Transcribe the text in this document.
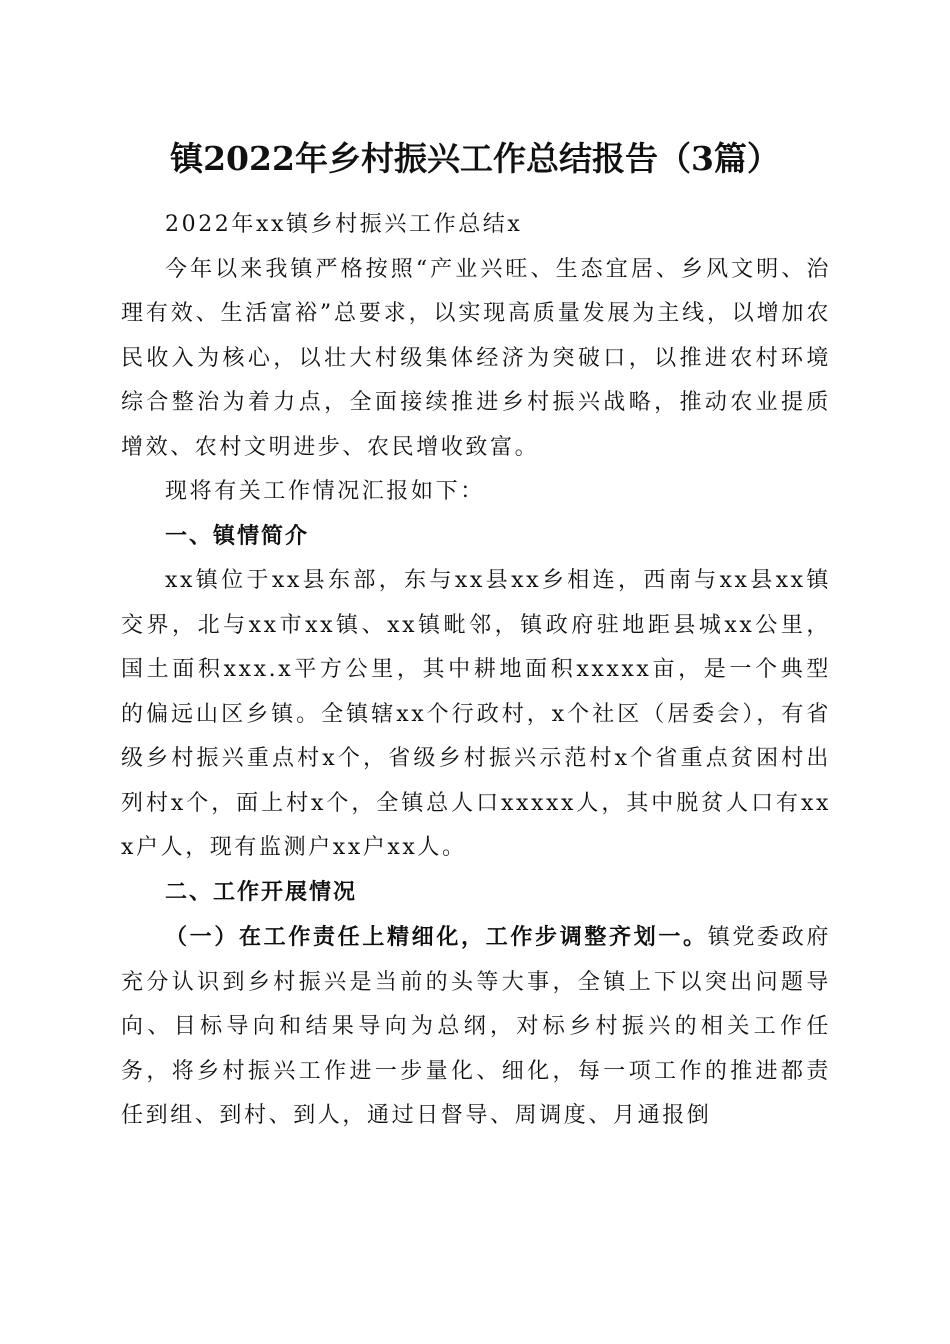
镇2022年乡村振兴工作总结报告（3篇）

2022年xx镇乡村振兴工作总结x

今年以来我镇严格按照“产业兴旺、生态宜居、乡风文明、治理有效、生活富裕”总要求，以实现高质量发展为主线，以增加农民收入为核心，以壮大村级集体经济为突破口，以推进农村环境综合整治为着力点，全面接续推进乡村振兴战略，推动农业提质增效、农村文明进步、农民增收致富。

现将有关工作情况汇报如下：

一、镇情简介

xx镇位于xx县东部，东与xx县xx乡相连，西南与xx县xx镇交界，北与xx市xx镇、xx镇毗邻，镇政府驻地距县城xx公里，国土面积xxx.x平方公里，其中耕地面积xxxxx亩，是一个典型的偏远山区乡镇。全镇辖xx个行政村，x个社区（居委会），有省级乡村振兴重点村x个，省级乡村振兴示范村x个省重点贫困村出列村x个，面上村x个，全镇总人口xxxxx人，其中脱贫人口有xxx户人，现有监测户xx户xx人。

二、工作开展情况

（一）在工作责任上精细化，工作步调整齐划一。镇党委政府充分认识到乡村振兴是当前的头等大事，全镇上下以突出问题导向、目标导向和结果导向为总纲，对标乡村振兴的相关工作任务，将乡村振兴工作进一步量化、细化，每一项工作的推进都责任到组、到村、到人，通过日督导、周调度、月通报倒
